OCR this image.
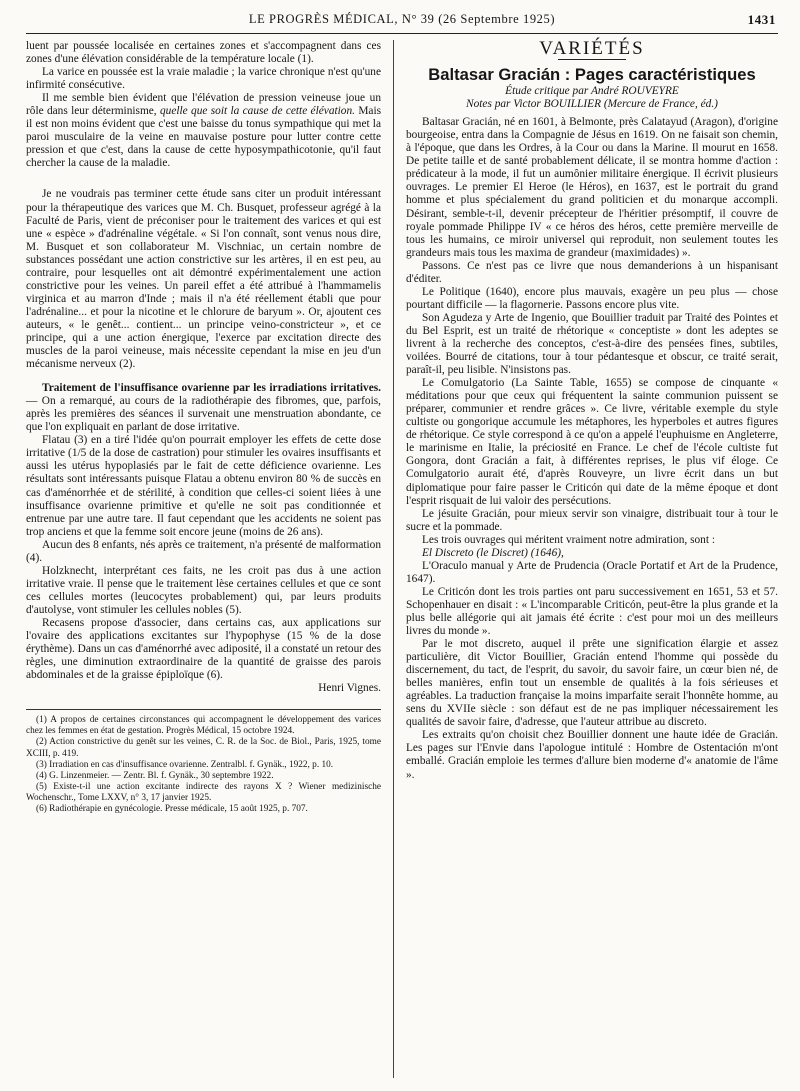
LE PROGRÈS MÉDICAL, N° 39 (26 Septembre 1925)	1431

luent par poussée localisée en certaines zones et s'accompagnent dans ces zones d'une élévation considérable de la température locale (1).

La varice en poussée est la vraie maladie ; la varice chronique n'est qu'une infirmité consécutive.

Il me semble bien évident que l'élévation de pression veineuse joue un rôle dans leur déterminisme, quelle que soit la cause de cette élévation. Mais il est non moins évident que c'est une baisse du tonus sympathique qui met la paroi musculaire de la veine en mauvaise posture pour lutter contre cette pression et que c'est, dans la cause de cette hyposympathicotonie, qu'il faut chercher la cause de la maladie.

Je ne voudrais pas terminer cette étude sans citer un produit intéressant pour la thérapeutique des varices que M. Ch. Busquet, professeur agrégé à la Faculté de Paris, vient de préconiser pour le traitement des varices et qui est une « espèce » d'adrénaline végétale. « Si l'on connaît, sont venus nous dire, M. Busquet et son collaborateur M. Vischniac, un certain nombre de substances possédant une action constrictive sur les artères, il en est peu, au contraire, pour lesquelles ont ait démontré expérimentalement une action constrictive pour les veines. Un pareil effet a été attribué à l'hammamelis virginica et au marron d'Inde ; mais il n'a été réellement établi que pour l'adrénaline... et pour la nicotine et le chlorure de baryum ». Or, ajoutent ces auteurs, « le genêt... contient... un principe veino-constricteur », et ce principe, qui a une action énergique, l'exerce par excitation directe des muscles de la paroi veineuse, mais nécessite cependant la mise en jeu d'un mécanisme nerveux (2).

Traitement de l'insuffisance ovarienne par les irradiations irritatives. — On a remarqué, au cours de la radiothérapie des fibromes, que, parfois, après les premières des séances il survenait une menstruation abondante, ce que l'on expliquait en parlant de dose irritative.

Flatau (3) en a tiré l'idée qu'on pourrait employer les effets de cette dose irritative (1/5 de la dose de castration) pour stimuler les ovaires insuffisants et aussi les utérus hypoplasiés par le fait de cette déficience ovarienne. Les résultats sont intéressants puisque Flatau a obtenu environ 80 % de succès en cas d'aménorrhée et de stérilité, à condition que celles-ci soient liées à une insuffisance ovarienne primitive et qu'elle ne soit pas conditionnée et entrenue par une autre tare. Il faut cependant que les accidents ne soient pas trop anciens et que la femme soit encore jeune (moins de 26 ans).

Aucun des 8 enfants, nés après ce traitement, n'a présenté de malformation (4).

Holzknecht, interprétant ces faits, ne les croit pas dus à une action irritative vraie. Il pense que le traitement lèse certaines cellules et que ce sont ces cellules mortes (leucocytes probablement) qui, par leurs produits d'autolyse, vont stimuler les cellules nobles (5).

Recasens propose d'associer, dans certains cas, aux applications sur l'ovaire des applications excitantes sur l'hypophyse (15 % de la dose érythème). Dans un cas d'aménorrhé avec adiposité, il a constaté un retour des règles, une diminution extraordinaire de la quantité de graisse des parois abdominales et de la graisse épiploïque (6).

Henri Vignes.

(1) A propos de certaines circonstances qui accompagnent le développement des varices chez les femmes en état de gestation. Progrès Médical, 15 octobre 1924.

(2) Action constrictive du genêt sur les veines, C. R. de la Soc. de Biol., Paris, 1925, tome XCIII, p. 419.

(3) Irradiation en cas d'insuffisance ovarienne. Zentralbl. f. Gynäk., 1922, p. 10.

(4) G. Linzenmeier. — Zentr. Bl. f. Gynäk., 30 septembre 1922.

(5) Existe-t-il une action excitante indirecte des rayons X ? Wiener medizinische Wochenschr., Tome LXXV, n° 3, 17 janvier 1925.

(6) Radiothérapie en gynécologie. Presse médicale, 15 août 1925, p. 707.

VARIÉTÉS
Baltasar Gracián : Pages caractéristiques

Étude critique par André ROUVEYRE

Notes par Victor BOUILLIER (Mercure de France, éd.)

Baltasar Gracián, né en 1601, à Belmonte, près Calatayud (Aragon), d'origine bourgeoise, entra dans la Compagnie de Jésus en 1619. On ne faisait son chemin, à l'époque, que dans les Ordres, à la Cour ou dans la Marine. Il mourut en 1658. De petite taille et de santé probablement délicate, il se montra homme d'action : prédicateur à la mode, il fut un aumônier militaire énergique. Il écrivit plusieurs ouvrages. Le premier El Heroe (le Héros), en 1637, est le portrait du grand homme et plus spécialement du grand politicien et du monarque accompli. Désirant, semble-t-il, devenir précepteur de l'héritier présomptif, il couvre de royale pommade Philippe IV « ce héros des héros, cette première merveille de tous les humains, ce miroir universel qui reproduit, non seulement toutes les grandeurs mais tous les maxima de grandeur (maximidades) ».

Passons. Ce n'est pas ce livre que nous demanderions à un hispanisant d'éditer.

Le Politique (1640), encore plus mauvais, exagère un peu plus — chose pourtant difficile — la flagornerie. Passons encore plus vite.

Son Agudeza y Arte de Ingenio, que Bouillier traduit par Traité des Pointes et du Bel Esprit, est un traité de rhétorique « conceptiste » dont les adeptes se livrent à la recherche des conceptos, c'est-à-dire des pensées fines, subtiles, voilées. Bourré de citations, tour à tour pédantesque et obscur, ce traité serait, paraît-il, peu lisible. N'insistons pas.

Le Comulgatorio (La Sainte Table, 1655) se compose de cinquante « méditations pour que ceux qui fréquentent la sainte communion puissent se préparer, communier et rendre grâces ». Ce livre, véritable exemple du style cultiste ou gongorique accumule les métaphores, les hyperboles et autres figures de rhétorique. Ce style correspond à ce qu'on a appelé l'euphuisme en Angleterre, le marinisme en Italie, la préciosité en France. Le chef de l'école cultiste fut Gongora, dont Gracián a fait, à différentes reprises, le plus vif éloge. Ce Comulgatorio aurait été, d'après Rouveyre, un livre écrit dans un but diplomatique pour faire passer le Criticón qui date de la même époque et dont l'esprit risquait de lui valoir des persécutions.

Le jésuite Gracián, pour mieux servir son vinaigre, distribuait tour à tour le sucre et la pommade.

Les trois ouvrages qui méritent vraiment notre admiration, sont :

El Discreto (le Discret) (1646),

L'Oraculo manual y Arte de Prudencia (Oracle Portatif et Art de la Prudence, 1647).

Le Criticón dont les trois parties ont paru successivement en 1651, 53 et 57. Schopenhauer en disait : « L'incomparable Criticón, peut-être la plus grande et la plus belle allégorie qui ait jamais été écrite : c'est pour moi un des meilleurs livres du monde ».

Par le mot discreto, auquel il prête une signification élargie et assez particulière, dit Victor Bouillier, Gracián entend l'homme qui possède du discernement, du tact, de l'esprit, du savoir, du savoir faire, un cœur bien né, de belles manières, enfin tout un ensemble de qualités à la fois sérieuses et agréables. La traduction française la moins imparfaite serait l'honnête homme, au sens du XVIIe siècle : son défaut est de ne pas impliquer nécessairement les qualités de savoir faire, d'adresse, que l'auteur attribue au discreto.

Les extraits qu'on choisit chez Bouillier donnent une haute idée de Gracián. Les pages sur l'Envie dans l'apologue intitulé : Hombre de Ostentación m'ont emballé. Gracián emploie les termes d'allure bien moderne d'« anatomie de l'âme ».
